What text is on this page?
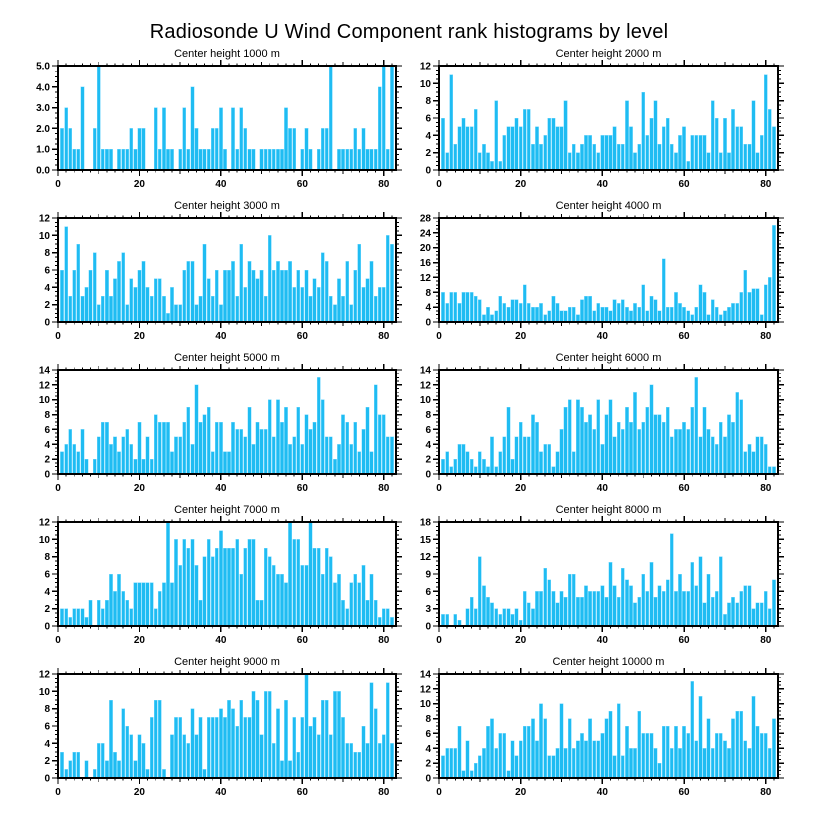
Radiosonde U Wind Component rank histograms by level
0.0
1.0
2.0
3.0
4.0
5.0
0	20	40	60	80
Center height 1000 m
0
2
4
6
8
10
12
0	20	40	60	80
Center height 2000 m
0
2
4
6
8
10
12
0	20	40	60	80
Center height 3000 m
0
4
8
12
16
20
24
28
0	20	40	60	80
Center height 4000 m
0
2
4
6
8
10
12
14
0	20	40	60	80
Center height 5000 m
0
2
4
6
8
10
12
14
0	20	40	60	80
Center height 6000 m
0
2
4
6
8
10
12
0	20	40	60	80
Center height 7000 m
0
3
6
9
12
15
18
0	20	40	60	80
Center height 8000 m
0
2
4
6
8
10
12
0	20	40	60	80
Center height 9000 m
0
2
4
6
8
10
12
14
0	20	40	60	80
Center height 10000 m
